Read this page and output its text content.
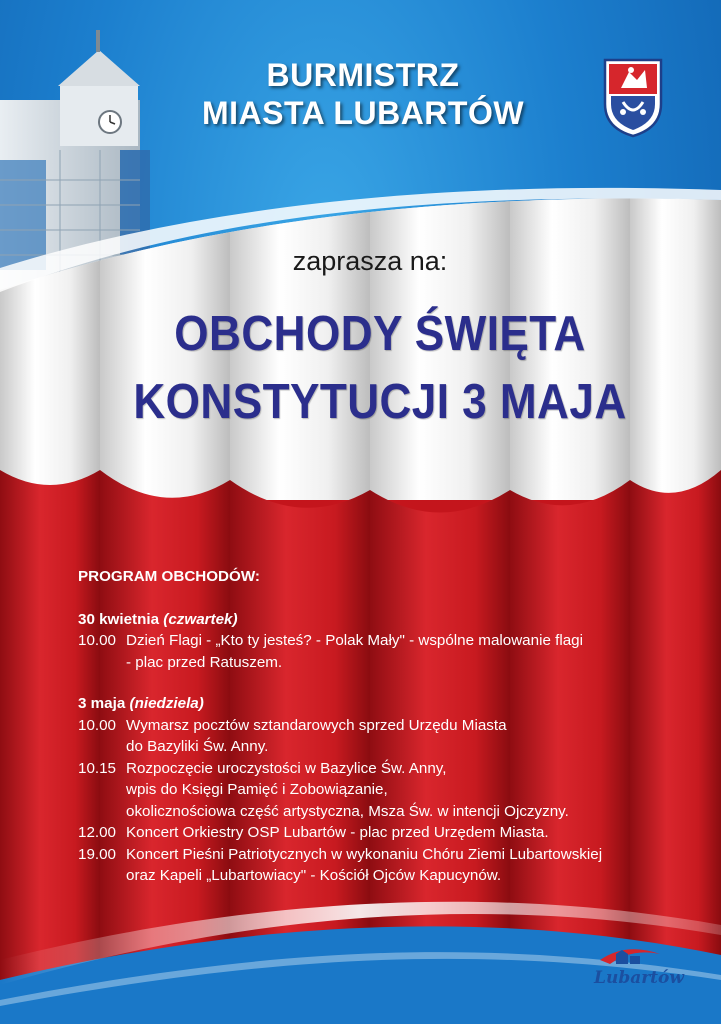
BURMISTRZ
MIASTA LUBARTÓW
zaprasza na:
OBCHODY ŚWIĘTA
KONSTYTUCJI 3 MAJA
PROGRAM OBCHODÓW:
30 kwietnia (czwartek)
10.00 Dzień Flagi - „Kto ty jesteś? - Polak Mały" - wspólne malowanie flagi
- plac przed Ratuszem.
3 maja (niedziela)
10.00 Wymarsz pocztów sztandarowych sprzed Urzędu Miasta
do Bazyliki Św. Anny.
10.15 Rozpoczęcie uroczystości w Bazylice Św. Anny,
wpis do Księgi Pamięć i Zobowiązanie,
okolicznościowa część artystyczna, Msza Św. w intencji Ojczyzny.
12.00 Koncert Orkiestry OSP Lubartów - plac przed Urzędem Miasta.
19.00 Koncert Pieśni Patriotycznych w wykonaniu Chóru Ziemi Lubartowskiej
oraz Kapeli „Lubartowiacy" - Kościół Ojców Kapucynów.
Lubartów
